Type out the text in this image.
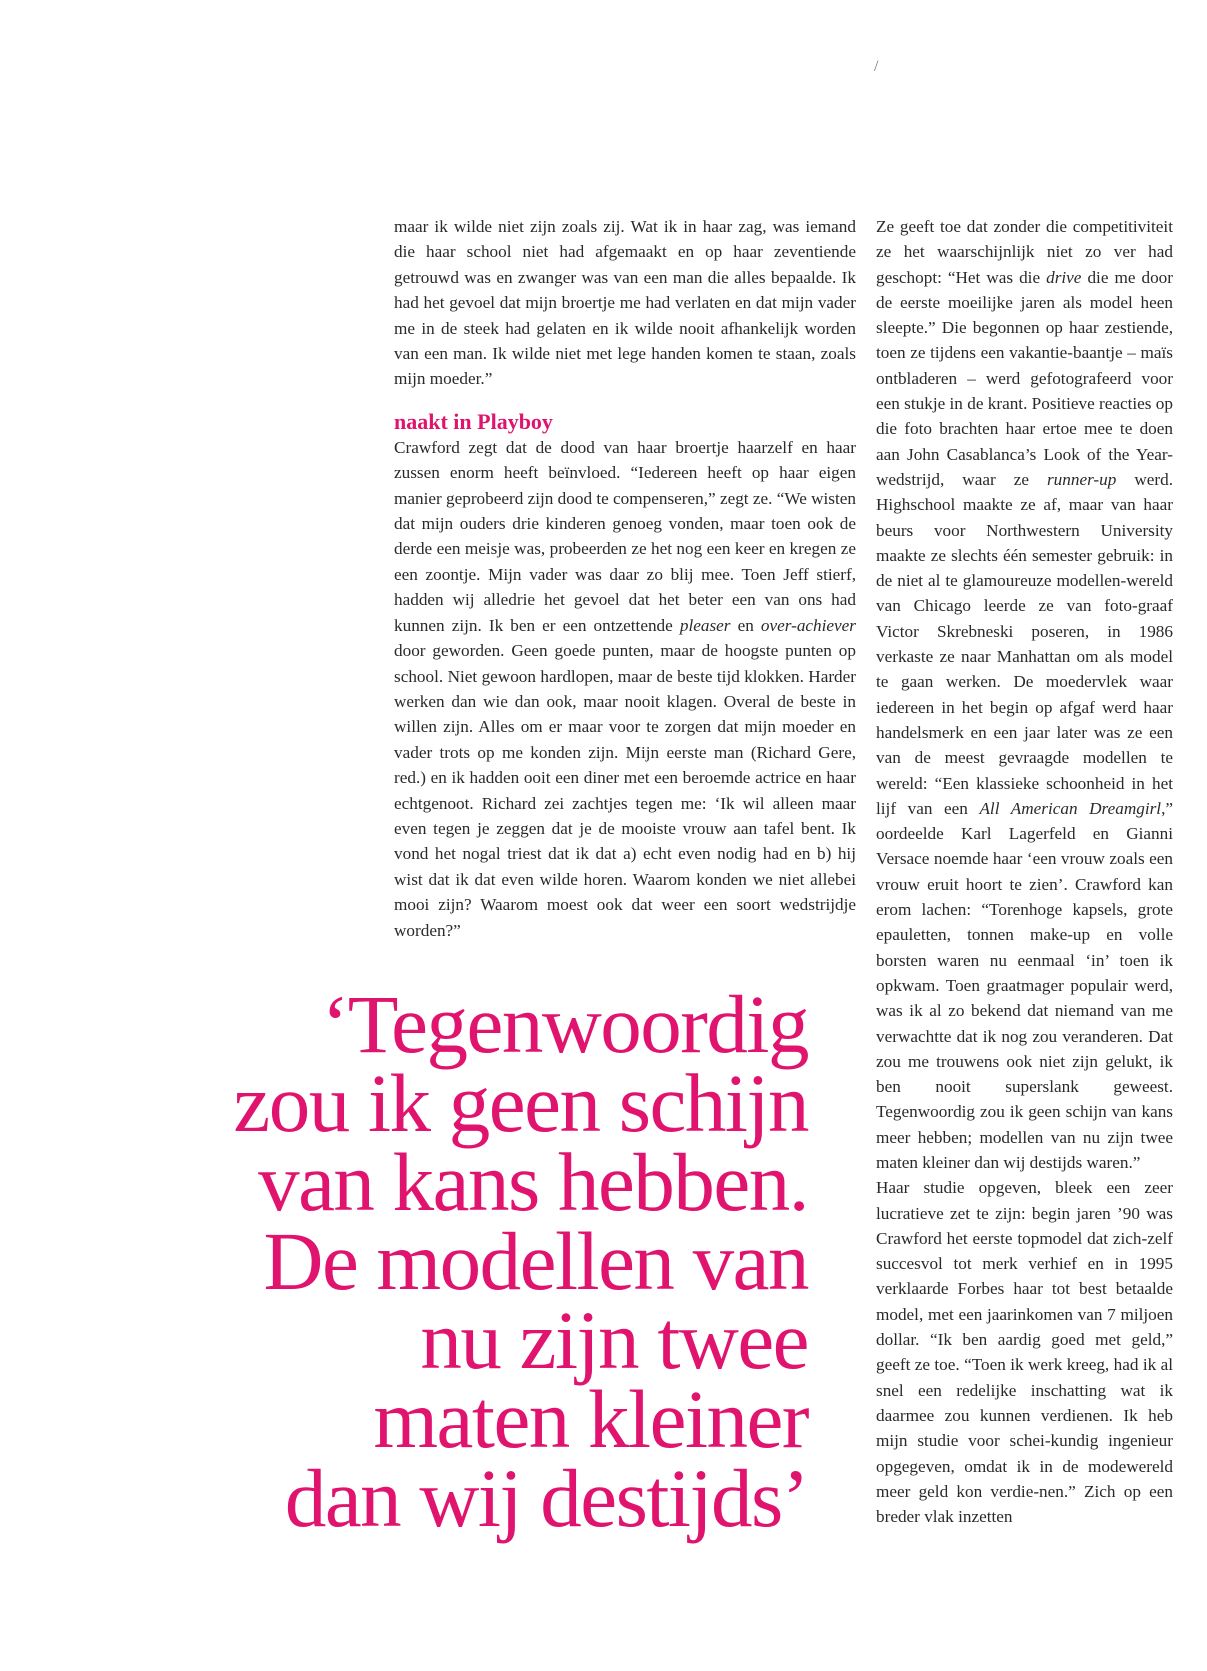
/

maar ik wilde niet zijn zoals zij. Wat ik in haar zag, was iemand die haar school niet had afgemaakt en op haar zeventiende getrouwd was en zwanger was van een man die alles bepaalde. Ik had het gevoel dat mijn broertje me had verlaten en dat mijn vader me in de steek had gelaten en ik wilde nooit afhankelijk worden van een man. Ik wilde niet met lege handen komen te staan, zoals mijn moeder.”

naakt in Playboy

Crawford zegt dat de dood van haar broertje haarzelf en haar zussen enorm heeft beïnvloed. “Iedereen heeft op haar eigen manier geprobeerd zijn dood te compenseren,” zegt ze. “We wisten dat mijn ouders drie kinderen genoeg vonden, maar toen ook de derde een meisje was, probeerden ze het nog een keer en kregen ze een zoontje. Mijn vader was daar zo blij mee. Toen Jeff stierf, hadden wij alledrie het gevoel dat het beter een van ons had kunnen zijn. Ik ben er een ontzettende pleaser en over-achiever door geworden. Geen goede punten, maar de hoogste punten op school. Niet gewoon hardlopen, maar de beste tijd klokken. Harder werken dan wie dan ook, maar nooit klagen. Overal de beste in willen zijn. Alles om er maar voor te zorgen dat mijn moeder en vader trots op me konden zijn. Mijn eerste man (Richard Gere, red.) en ik hadden ooit een diner met een beroemde actrice en haar echtgenoot. Richard zei zachtjes tegen me: ‘Ik wil alleen maar even tegen je zeggen dat je de mooiste vrouw aan tafel bent. Ik vond het nogal triest dat ik dat a) echt even nodig had en b) hij wist dat ik dat even wilde horen. Waarom konden we niet allebei mooi zijn? Waarom moest ook dat weer een soort wedstrijdje worden?”

Ze geeft toe dat zonder die competitiviteit ze het waarschijnlijk niet zo ver had geschopt: “Het was die drive die me door de eerste moeilijke jaren als model heen sleepte.” Die begonnen op haar zestiende, toen ze tijdens een vakantie-baantje – maïs ontbladeren – werd gefotografeerd voor een stukje in de krant. Positieve reacties op die foto brachten haar ertoe mee te doen aan John Casablanca’s Look of the Year-wedstrijd, waar ze runner-up werd. Highschool maakte ze af, maar van haar beurs voor Northwestern University maakte ze slechts één semester gebruik: in de niet al te glamoureuze modellen-wereld van Chicago leerde ze van foto-graaf Victor Skrebneski poseren, in 1986 verkaste ze naar Manhattan om als model te gaan werken. De moedervlek waar iedereen in het begin op afgaf werd haar handelsmerk en een jaar later was ze een van de meest gevraagde modellen te wereld: “Een klassieke schoonheid in het lijf van een All American Dreamgirl,” oordeelde Karl Lagerfeld en Gianni Versace noemde haar ‘een vrouw zoals een vrouw eruit hoort te zien’. Crawford kan erom lachen: “Torenhoge kapsels, grote epauletten, tonnen make-up en volle borsten waren nu eenmaal ‘in’ toen ik opkwam. Toen graatmager populair werd, was ik al zo bekend dat niemand van me verwachtte dat ik nog zou veranderen. Dat zou me trouwens ook niet zijn gelukt, ik ben nooit superslank geweest. Tegenwoordig zou ik geen schijn van kans meer hebben; modellen van nu zijn twee maten kleiner dan wij destijds waren.”

Haar studie opgeven, bleek een zeer lucratieve zet te zijn: begin jaren ’90 was Crawford het eerste topmodel dat zich-zelf succesvol tot merk verhief en in 1995 verklaarde Forbes haar tot best betaalde model, met een jaarinkomen van 7 miljoen dollar. “Ik ben aardig goed met geld,” geeft ze toe. “Toen ik werk kreeg, had ik al snel een redelijke inschatting wat ik daarmee zou kunnen verdienen. Ik heb mijn studie voor schei-kundig ingenieur opgegeven, omdat ik in de modewereld meer geld kon verdie-nen.” Zich op een breder vlak inzetten

‘Tegenwoordig
zou ik geen schijn
van kans hebben.
De modellen van
nu zijn twee
maten kleiner
dan wij destijds’
